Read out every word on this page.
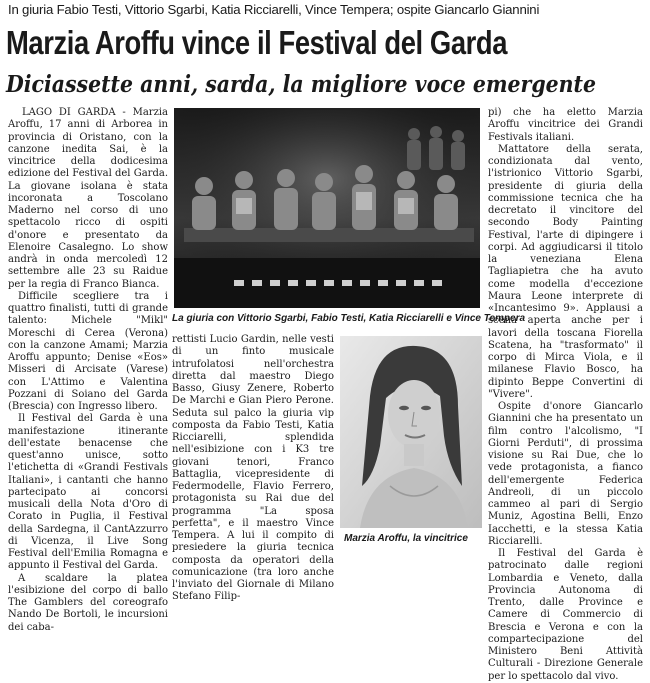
In giuria Fabio Testi, Vittorio Sgarbi, Katia Ricciarelli, Vince Tempera; ospite Giancarlo Giannini
Marzia Aroffu vince il Festival del Garda
Diciassette anni, sarda, la migliore voce emergente

LAGO DI GARDA - Marzia Aroffu, 17 anni di Arborea in provincia di Oristano, con la canzone inedita Sai, è la vincitrice della dodicesima edizione del Festival del Garda. La giovane isolana è stata incoronata a Toscolano Maderno nel corso di uno spettacolo ricco di ospiti d'onore e presentato da Elenoire Casalegno. Lo show andrà in onda mercoledì 12 settembre alle 23 su Raidue per la regia di Franco Bianca.

Difficile scegliere tra i quattro finalisti, tutti di grande talento: Michele "Mikl" Moreschi di Cerea (Verona) con la canzone Amami; Marzia Aroffu appunto; Denise «Eos» Misseri di Arcisate (Varese) con L'Attimo e Valentina Pozzani di Soiano del Garda (Brescia) con Ingresso libero.

Il Festival del Garda è una manifestazione itinerante dell'estate benacense che quest'anno unisce, sotto l'etichetta di «Grandi Festivals Italiani», i cantanti che hanno partecipato ai concorsi musicali della Nota d'Oro di Corato in Puglia, il Festival della Sardegna, il CantAzzurro di Vicenza, il Live Song Festival dell'Emilia Romagna e appunto il Festival del Garda.

A scaldare la platea l'esibizione del corpo di ballo The Gamblers del coreografo Nando De Bortoli, le incursioni dei caba-

La giuria con Vittorio Sgarbi, Fabio Testi, Katia Ricciarelli e Vince Tempera

rettisti Lucio Gardin, nelle vesti di un finto musicale intrufolatosi nell'orchestra diretta dal maestro Diego Basso, Giusy Zenere, Roberto De Marchi e Gian Piero Perone. Seduta sul palco la giuria vip composta da Fabio Testi, Katia Ricciarelli, splendida nell'esibizione con i K3 tre giovani tenori, Franco Battaglia, vicepresidente di Federmodelle, Flavio Ferrero, protagonista su Rai due del programma "La sposa perfetta", e il maestro Vince Tempera. A lui il compito di presiedere la giuria tecnica composta da operatori della comunicazione (tra loro anche l'inviato del Giornale di Milano Stefano Filip-

Marzia Aroffu, la vincitrice

pi) che ha eletto Marzia Aroffu vincitrice dei Grandi Festivals italiani.

Mattatore della serata, condizionata dal vento, l'istrionico Vittorio Sgarbi, presidente di giuria della commissione tecnica che ha decretato il vincitore del secondo Body Painting Festival, l'arte di dipingere i corpi. Ad aggiudicarsi il titolo la veneziana Elena Tagliapietra che ha avuto come modella d'eccezione Maura Leone interprete di «Incantesimo 9». Applausi a scena aperta anche per i lavori della toscana Fiorella Scatena, ha "trasformato" il corpo di Mirca Viola, e il milanese Flavio Bosco, ha dipinto Beppe Convertini di "Vivere".

Ospite d'onore Giancarlo Giannini che ha presentato un film contro l'alcolismo, "I Giorni Perduti", di prossima visione su Rai Due, che lo vede protagonista, a fianco dell'emergente Federica Andreoli, di un piccolo cammeo al pari di Sergio Muniz, Agostina Belli, Enzo Iacchetti, e la stessa Katia Ricciarelli.

Il Festival del Garda è patrocinato dalle regioni Lombardia e Veneto, dalla Provincia Autonoma di Trento, dalle Province e Camere di Commercio di Brescia e Verona e con la compartecipazione del Ministero Beni Attività Culturali - Direzione Generale per lo spettacolo dal vivo.
